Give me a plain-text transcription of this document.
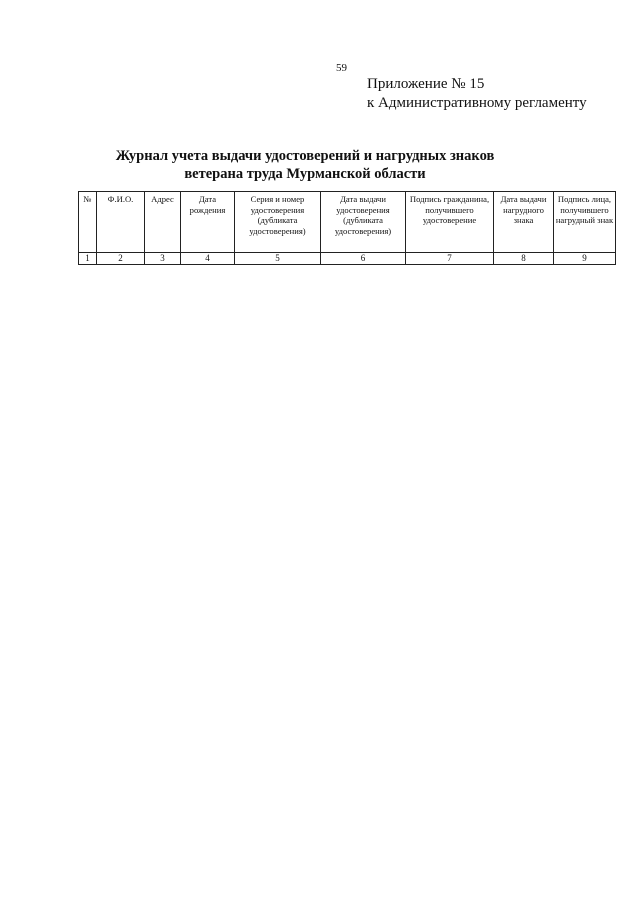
59
Приложение № 15
к Административному регламенту
Журнал учета выдачи удостоверений и нагрудных знаков
ветерана труда Мурманской области
№	Ф.И.О.	Адрес	Дата рождения	Серия и номер удостоверения (дубликата удостоверения)	Дата выдачи удостоверения (дубликата удостоверения)	Подпись гражданина, получившего удостоверение	Дата выдачи нагрудного знака	Подпись лица, получившего нагрудный знак
1	2	3	4	5	6	7	8	9
